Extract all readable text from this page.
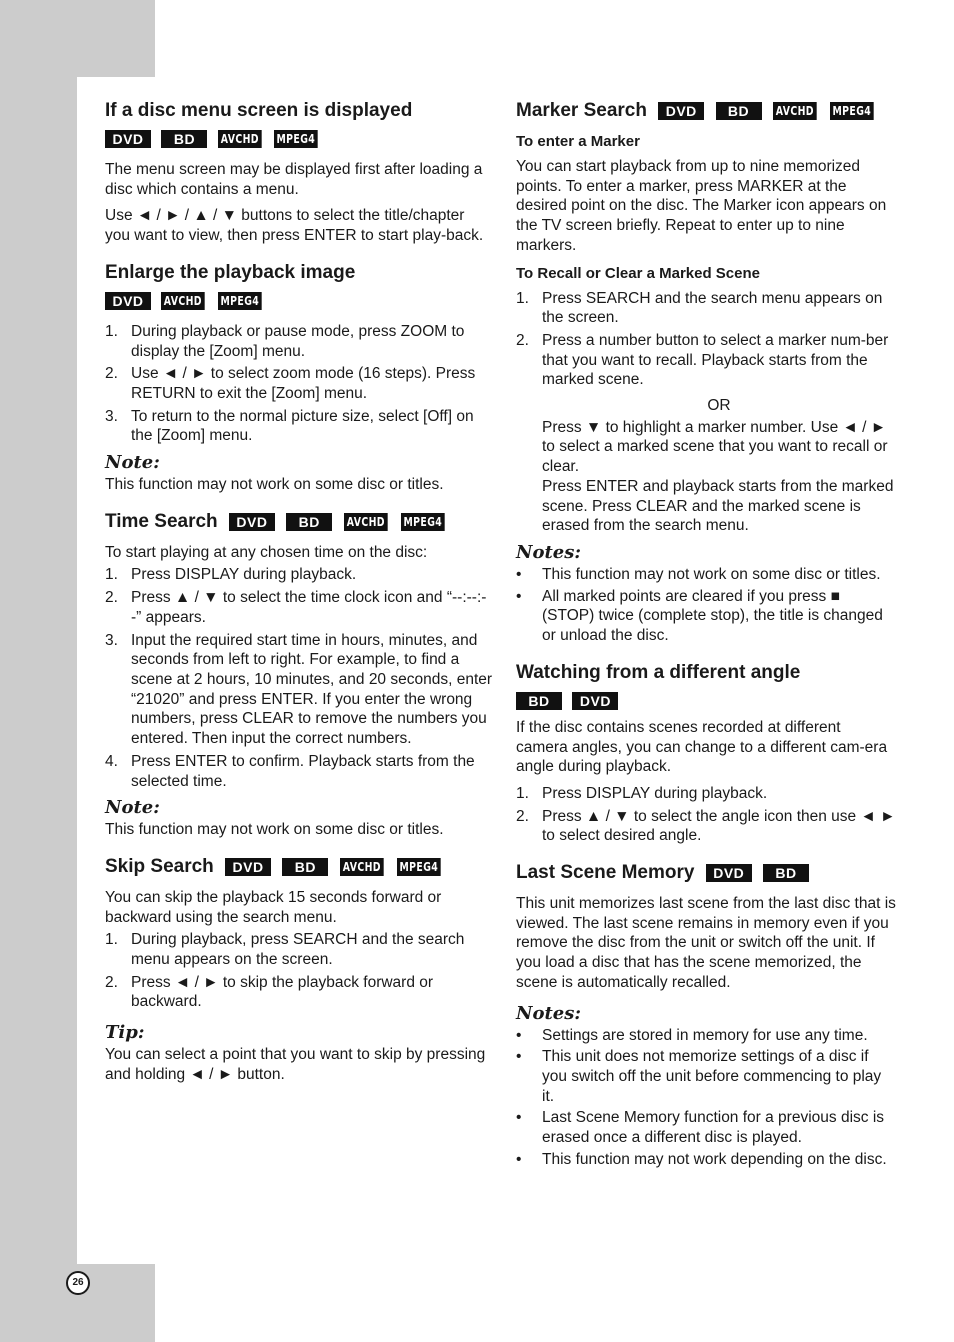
26
If a disc menu screen is displayed
DVD BD AVCHD MPEG4

The menu screen may be displayed first after loading a disc which contains a menu.

Use ◄ / ► / ▲ / ▼ buttons to select the title/chapter you want to view, then press ENTER to start play-back.

Enlarge the playback image
DVD AVCHD MPEG4
1. During playback or pause mode, press ZOOM to display the [Zoom] menu.
2. Use ◄ / ► to select zoom mode (16 steps). Press RETURN to exit the [Zoom] menu.
3. To return to the normal picture size, select [Off] on the [Zoom] menu.
Note:

This function may not work on some disc or titles.

Time Search DVD BD AVCHD MPEG4

To start playing at any chosen time on the disc:

1. Press DISPLAY during playback.
2. Press ▲ / ▼ to select the time clock icon and “--:--:--” appears.
3. Input the required start time in hours, minutes, and seconds from left to right. For example, to find a scene at 2 hours, 10 minutes, and 20 seconds, enter “21020” and press ENTER. If you enter the wrong numbers, press CLEAR to remove the numbers you entered. Then input the correct numbers.
4. Press ENTER to confirm. Playback starts from the selected time.
Note:

This function may not work on some disc or titles.

Skip Search DVD BD AVCHD MPEG4

You can skip the playback 15 seconds forward or backward using the search menu.

1. During playback, press SEARCH and the search menu appears on the screen.
2. Press ◄ / ► to skip the playback forward or backward.
Tip:

You can select a point that you want to skip by pressing and holding ◄ / ► button.

Marker Search DVD BD AVCHD MPEG4
To enter a Marker

You can start playback from up to nine memorized points. To enter a marker, press MARKER at the desired point on the disc. The Marker icon appears on the TV screen briefly. Repeat to enter up to nine markers.

To Recall or Clear a Marked Scene
1. Press SEARCH and the search menu appears on the screen.
2. Press a number button to select a marker num-ber that you want to recall. Playback starts from the marked scene.
OR
Press ▼ to highlight a marker number. Use ◄ / ► to select a marked scene that you want to recall or clear.
Press ENTER and playback starts from the marked scene. Press CLEAR and the marked scene is erased from the search menu.
Notes:
• This function may not work on some disc or titles.
• All marked points are cleared if you press ■ (STOP) twice (complete stop), the title is changed or unload the disc.
Watching from a different angle
BD DVD

If the disc contains scenes recorded at different camera angles, you can change to a different cam-era angle during playback.

1. Press DISPLAY during playback.
2. Press ▲ / ▼ to select the angle icon then use ◄ ► to select desired angle.
Last Scene Memory DVD BD

This unit memorizes last scene from the last disc that is viewed. The last scene remains in memory even if you remove the disc from the unit or switch off the unit. If you load a disc that has the scene memorized, the scene is automatically recalled.

Notes:
• Settings are stored in memory for use any time.
• This unit does not memorize settings of a disc if you switch off the unit before commencing to play it.
• Last Scene Memory function for a previous disc is erased once a different disc is played.
• This function may not work depending on the disc.
